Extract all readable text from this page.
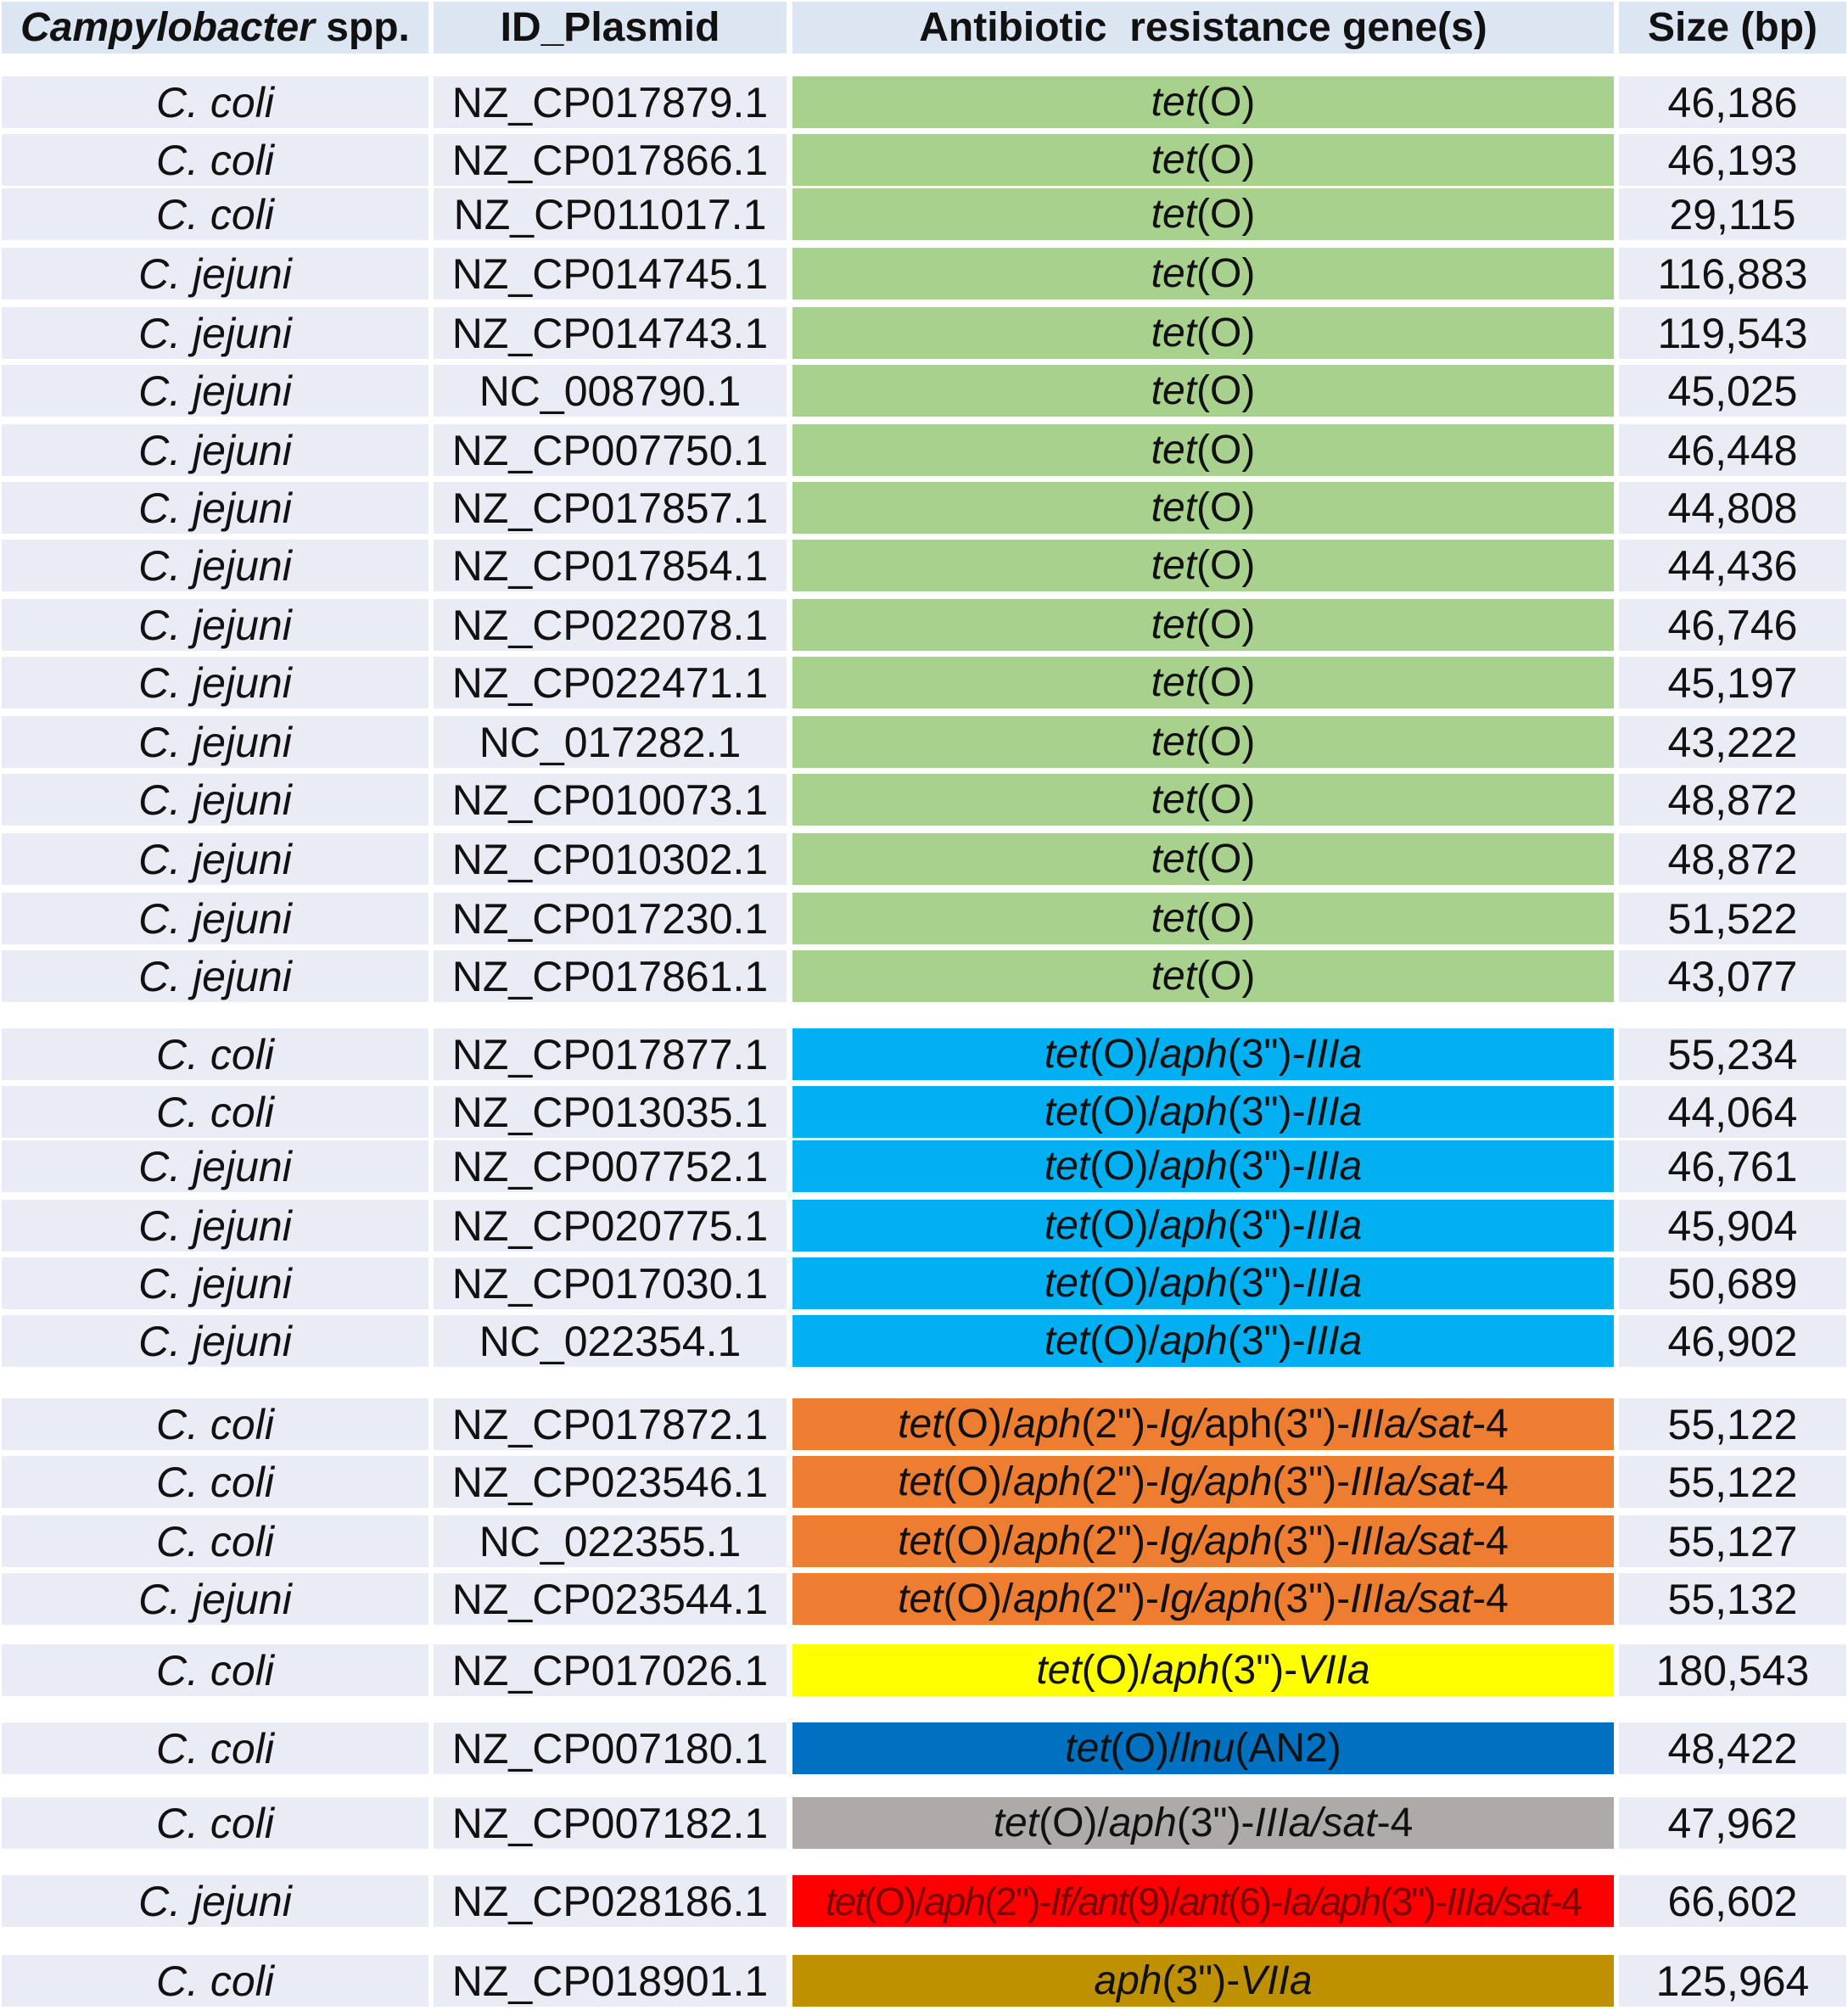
Campylobacter spp.	ID_Plasmid	Antibiotic  resistance gene(s)	Size (bp)
C. coli	NZ_CP017879.1	tet (O)	46,186
C. coli	NZ_CP017866.1	tet (O)	46,193
C. coli	NZ_CP011017.1	tet (O)	29,115
C. jejuni	NZ_CP014745.1	tet (O)	116,883
C. jejuni	NZ_CP014743.1	tet (O)	119,543
C. jejuni	NC_008790.1	tet (O)	45,025
C. jejuni	NZ_CP007750.1	tet (O)	46,448
C. jejuni	NZ_CP017857.1	tet (O)	44,808
C. jejuni	NZ_CP017854.1	tet (O)	44,436
C. jejuni	NZ_CP022078.1	tet (O)	46,746
C. jejuni	NZ_CP022471.1	tet (O)	45,197
C. jejuni	NC_017282.1	tet (O)	43,222
C. jejuni	NZ_CP010073.1	tet (O)	48,872
C. jejuni	NZ_CP010302.1	tet (O)	48,872
C. jejuni	NZ_CP017230.1	tet (O)	51,522
C. jejuni	NZ_CP017861.1	tet (O)	43,077
C. coli	NZ_CP017877.1	tet (O)/ aph (3")- IIIa	55,234
C. coli	NZ_CP013035.1	tet (O)/ aph (3")- IIIa	44,064
C. jejuni	NZ_CP007752.1	tet (O)/ aph (3")- IIIa	46,761
C. jejuni	NZ_CP020775.1	tet (O)/ aph (3")- IIIa	45,904
C. jejuni	NZ_CP017030.1	tet (O)/ aph (3")- IIIa	50,689
C. jejuni	NC_022354.1	tet (O)/ aph (3")- IIIa	46,902
C. coli	NZ_CP017872.1	tet (O)/ aph (2")- Ig/ aph(3")- IIIa/sat -4	55,122
C. coli	NZ_CP023546.1	tet (O)/ aph (2")- Ig/aph (3")- IIIa/sat -4	55,122
C. coli	NC_022355.1	tet (O)/ aph (2")- Ig/aph (3")- IIIa/sat -4	55,127
C. jejuni	NZ_CP023544.1	tet (O)/ aph (2")- Ig/aph (3")- IIIa/sat -4	55,132
C. coli	NZ_CP017026.1	tet (O)/ aph (3")- VIIa	180,543
C. coli	NZ_CP007180.1	tet (O)/ lnu (AN2)	48,422
C. coli	NZ_CP007182.1	tet (O)/ aph (3")- IIIa/sat -4	47,962
C. jejuni	NZ_CP028186.1	tet (O)/ aph (2")- If/ant (9)/ ant (6)- Ia/aph (3")- IIIa/sat -4	66,602
C. coli	NZ_CP018901.1	aph (3")- VIIa	125,964
